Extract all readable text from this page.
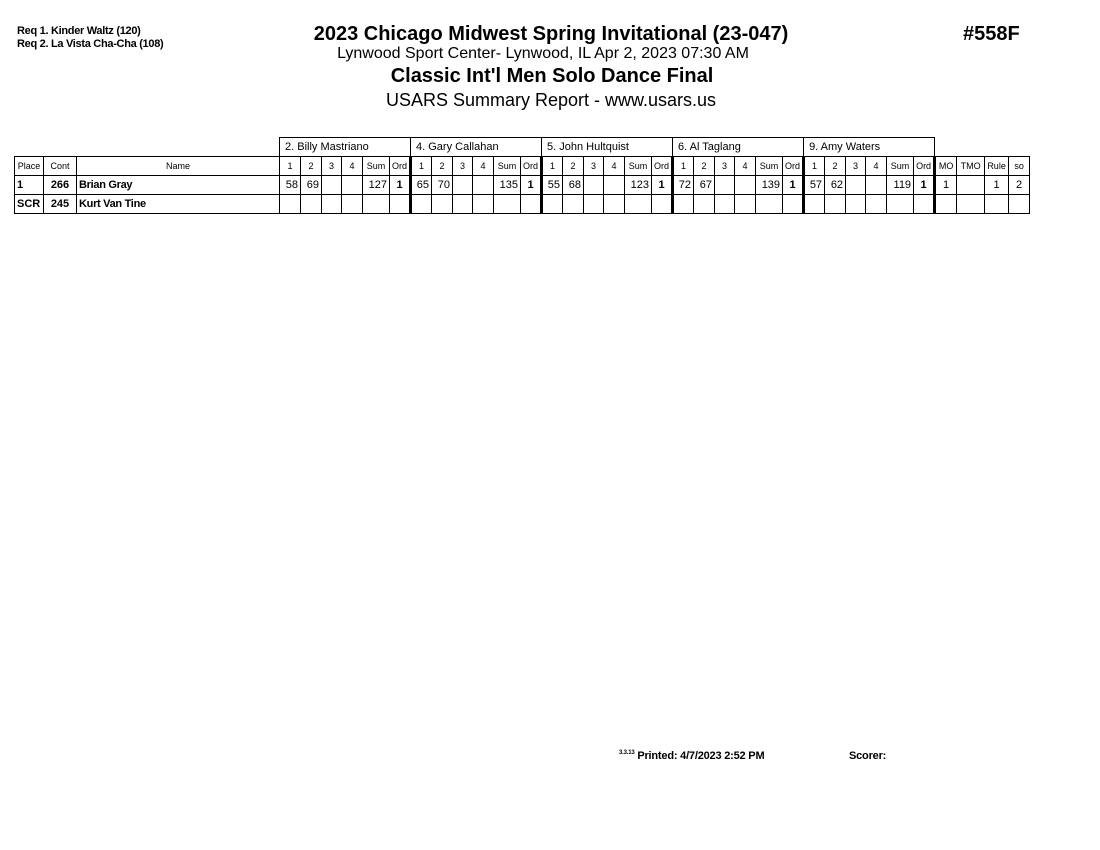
Req 1. Kinder Waltz (120)
Req 2. La Vista Cha-Cha (108)	2023 Chicago Midwest Spring Invitational (23-047)
Lynwood Sport Center- Lynwood, IL Apr 2, 2023 07:30 AM
Classic Int'l Men Solo Dance Final
USARS Summary Report - www.usars.us
#558F
			2. Billy Mastriano						4. Gary Callahan						5. John Hultquist						6. Al Taglang						9. Amy Waters									
Place	Cont	Name	1	2	3	4	Sum	Ord	1	2	3	4	Sum	Ord	1	2	3	4	Sum	Ord	1	2	3	4	Sum	Ord	1	2	3	4	Sum	Ord	MO	TMO	Rule	so
1	266	Brian Gray	58	69			127	1	65	70			135	1	55	68			123	1	72	67			139	1	57	62			119	1	1		1	2
SCR	245	Kurt Van Tine																																		
$^{3.3.13}$ Printed: 4/7/2023 2:52 PM	Scorer:
